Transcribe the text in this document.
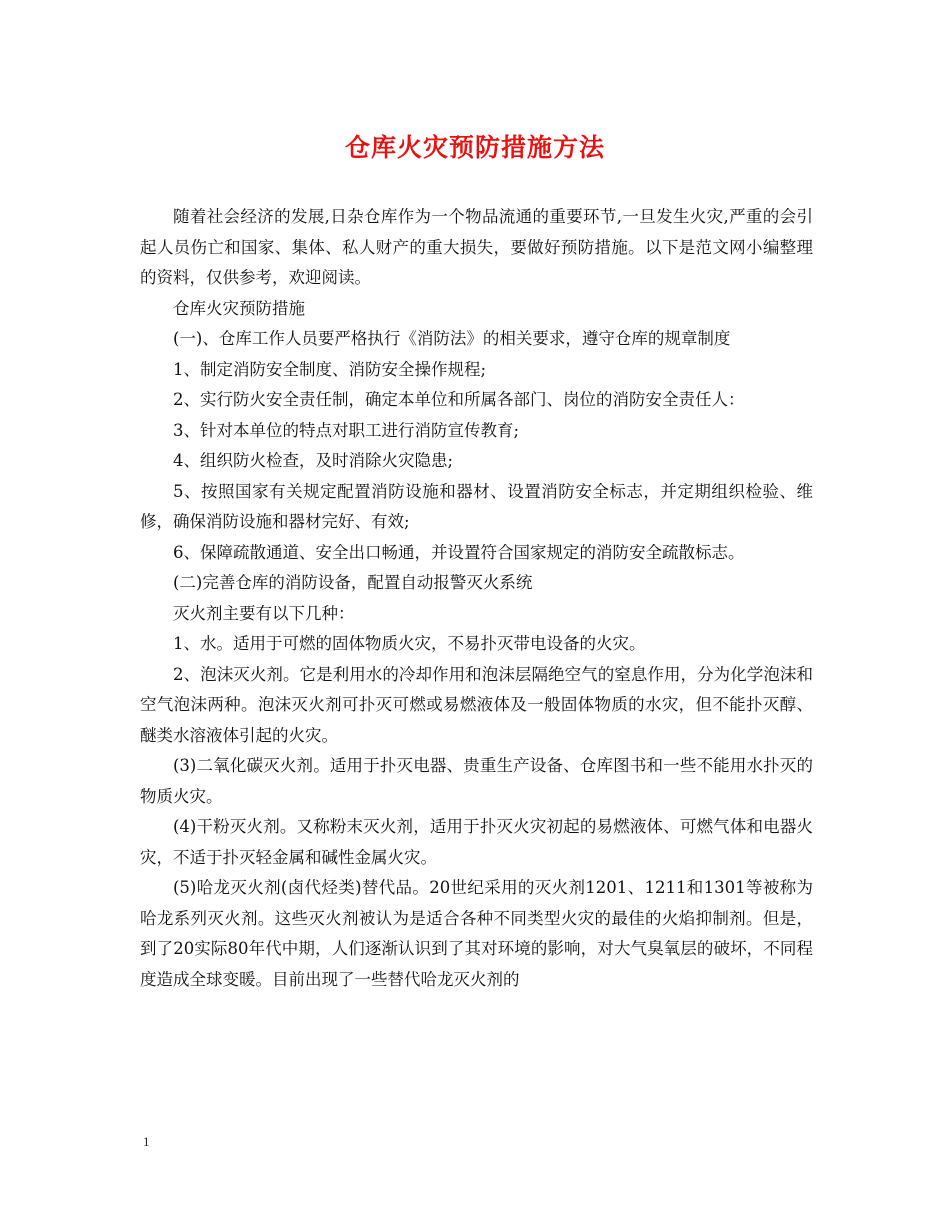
仓库火灾预防措施方法

随着社会经济的发展,日杂仓库作为一个物品流通的重要环节,一旦发生火灾,严重的会引起人员伤亡和国家、集体、私人财产的重大损失，要做好预防措施。以下是范文网小编整理的资料，仅供参考，欢迎阅读。

仓库火灾预防措施

(一)、仓库工作人员要严格执行《消防法》的相关要求，遵守仓库的规章制度

1、制定消防安全制度、消防安全操作规程;

2、实行防火安全责任制，确定本单位和所属各部门、岗位的消防安全责任人：

3、针对本单位的特点对职工进行消防宣传教育;

4、组织防火检查，及时消除火灾隐患;

5、按照国家有关规定配置消防设施和器材、设置消防安全标志，并定期组织检验、维修，确保消防设施和器材完好、有效;

6、保障疏散通道、安全出口畅通，并设置符合国家规定的消防安全疏散标志。

(二)完善仓库的消防设备，配置自动报警灭火系统

灭火剂主要有以下几种：

1、水。适用于可燃的固体物质火灾，不易扑灭带电设备的火灾。

2、泡沫灭火剂。它是利用水的冷却作用和泡沫层隔绝空气的窒息作用，分为化学泡沫和空气泡沫两种。泡沫灭火剂可扑灭可燃或易燃液体及一般固体物质的水灾，但不能扑灭醇、醚类水溶液体引起的火灾。

(3)二氧化碳灭火剂。适用于扑灭电器、贵重生产设备、仓库图书和一些不能用水扑灭的物质火灾。

(4)干粉灭火剂。又称粉末灭火剂，适用于扑灭火灾初起的易燃液体、可燃气体和电器火灾，不适于扑灭轻金属和碱性金属火灾。

(5)哈龙灭火剂(卤代烃类)替代品。20世纪采用的灭火剂1201、1211和1301等被称为哈龙系列灭火剂。这些灭火剂被认为是适合各种不同类型火灾的最佳的火焰抑制剂。但是，到了20实际80年代中期，人们逐渐认识到了其对环境的影响，对大气臭氧层的破坏，不同程度造成全球变暖。目前出现了一些替代哈龙灭火剂的

1
